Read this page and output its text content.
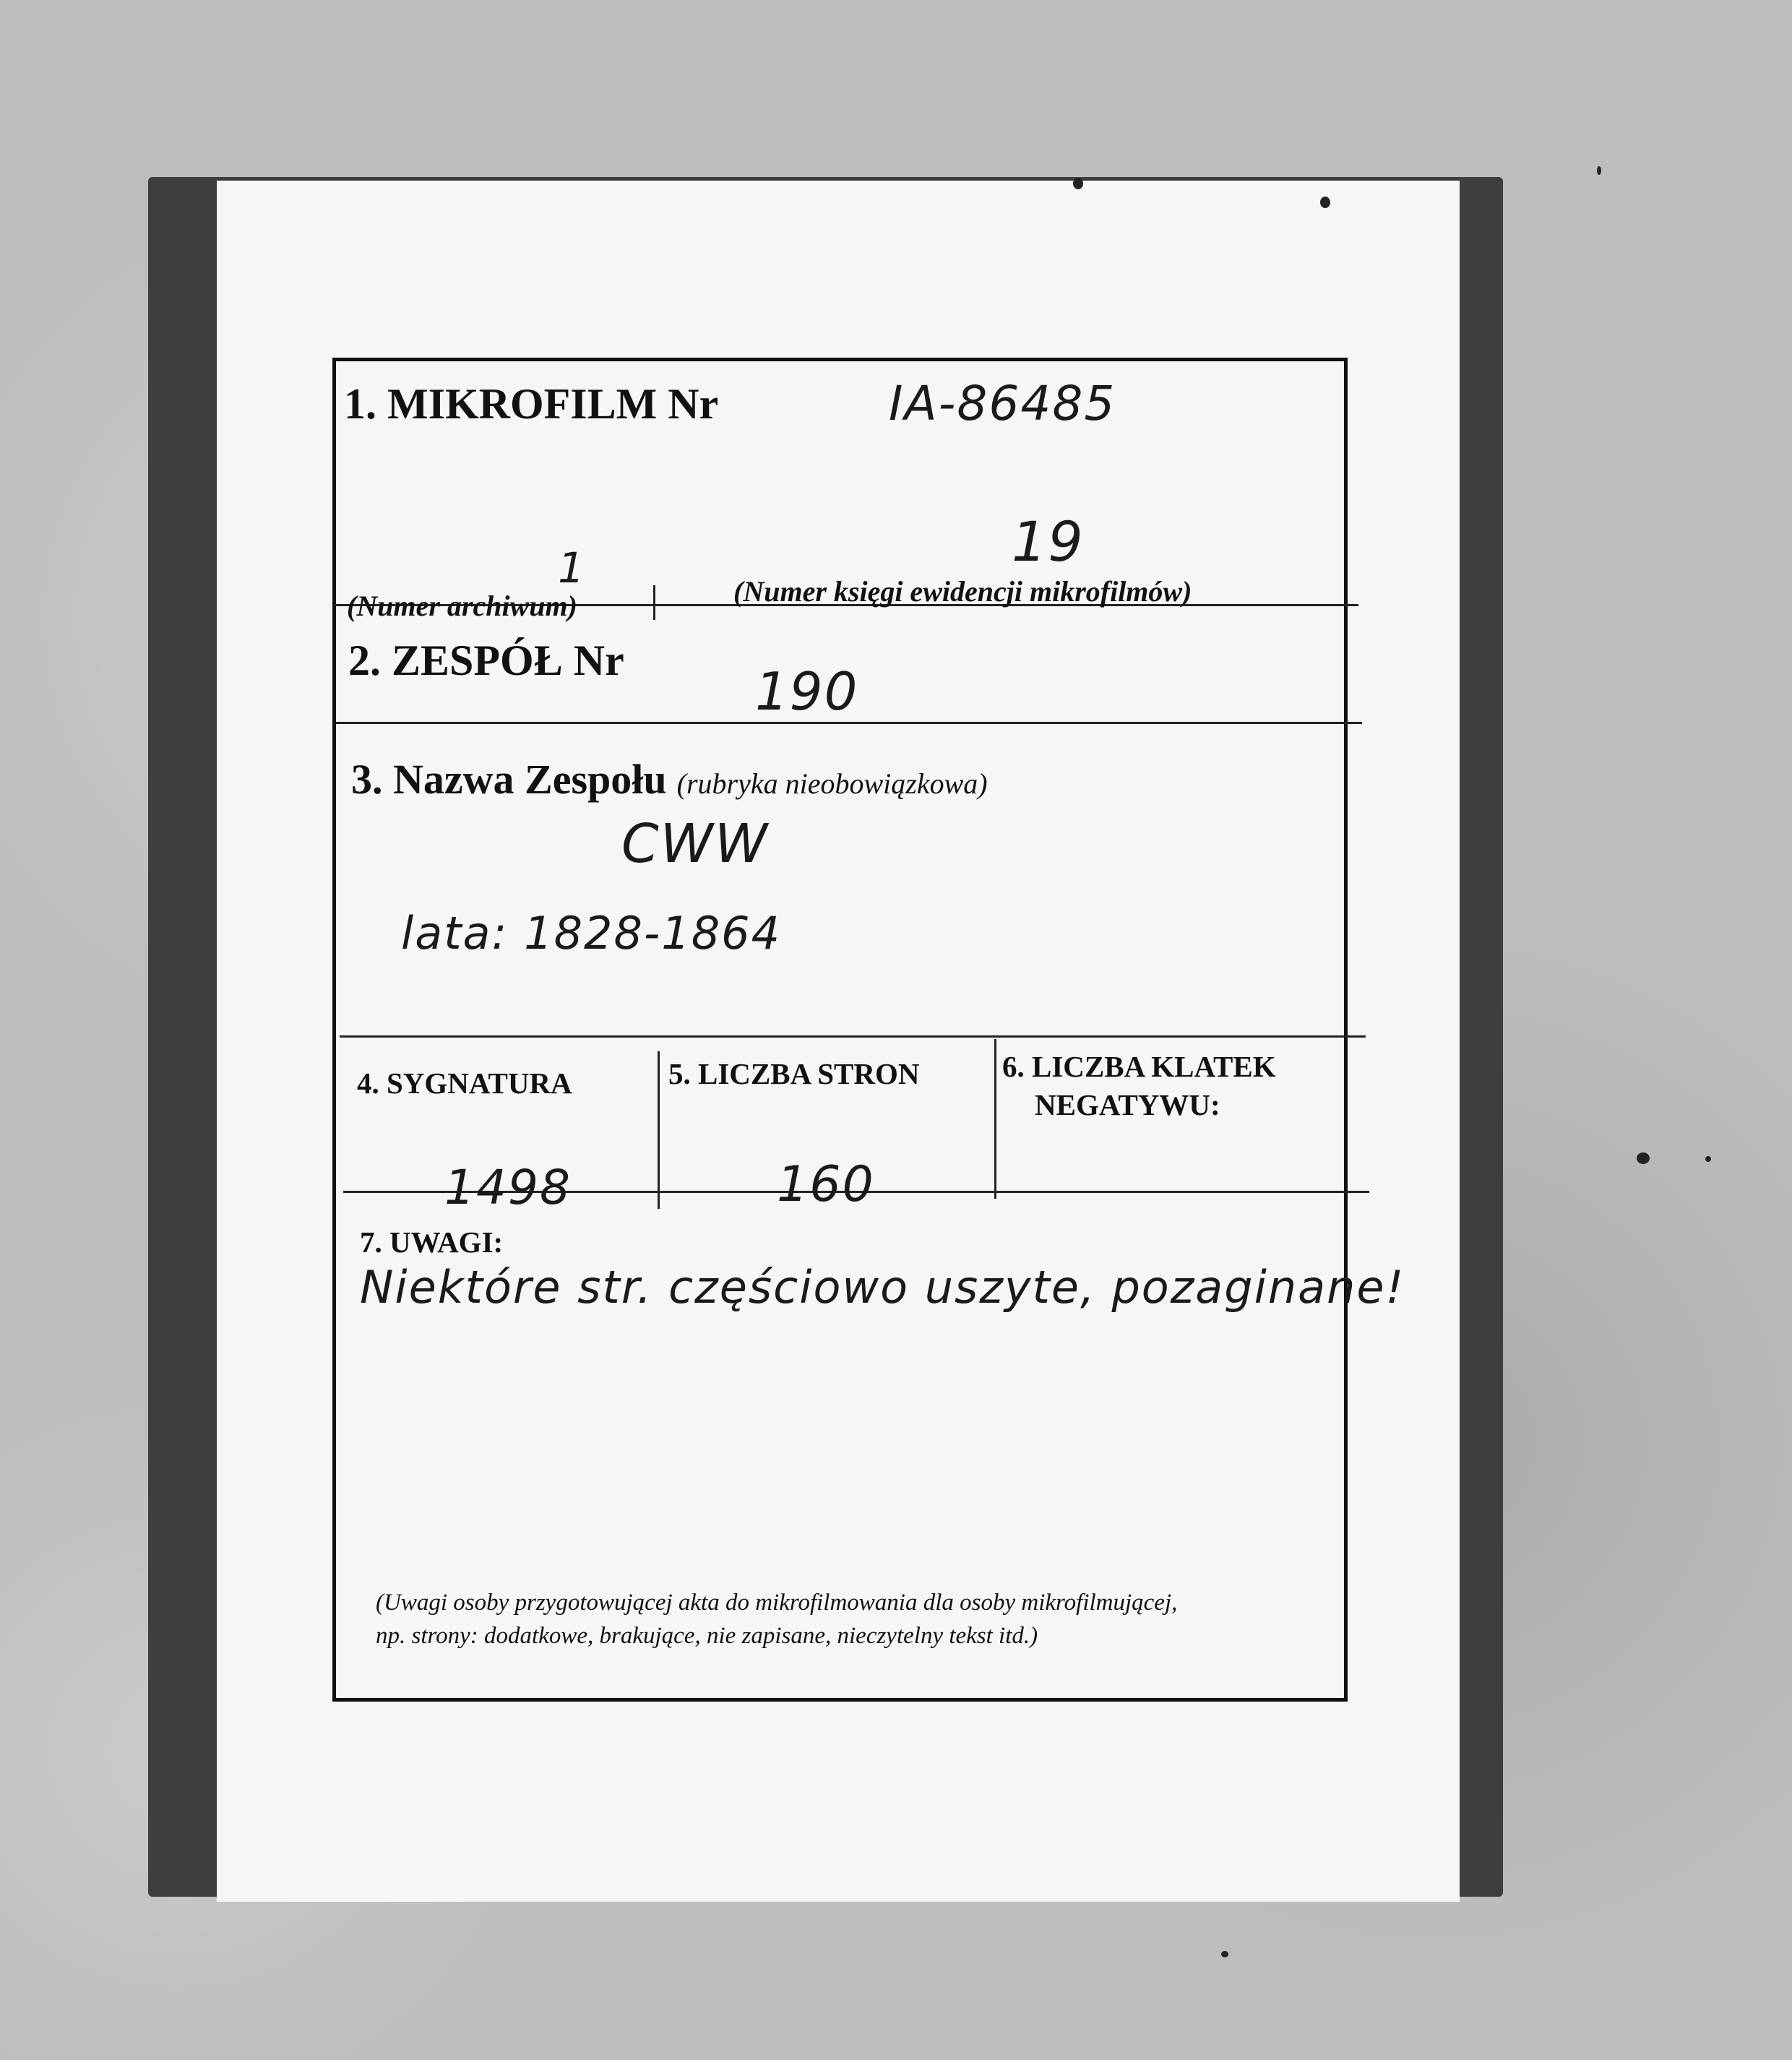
1. MIKROFILM Nr	IA-86485
1
(Numer archiwum)
19
(Numer księgi ewidencji mikrofilmów)
2. ZESPÓŁ Nr
190
3. Nazwa Zespołu (rubryka nieobowiązkowa)
CWW
lata: 1828-1864
4. SYGNATURA
1498
5. LICZBA STRON
160
6. LICZBA KLATEK
NEGATYWU:
7. UWAGI:
Niektóre str. częściowo uszyte, pozaginane!
(Uwagi osoby przygotowującej akta do mikrofilmowania dla osoby mikrofilmującej,
np. strony: dodatkowe, brakujące, nie zapisane, nieczytelny tekst itd.)
